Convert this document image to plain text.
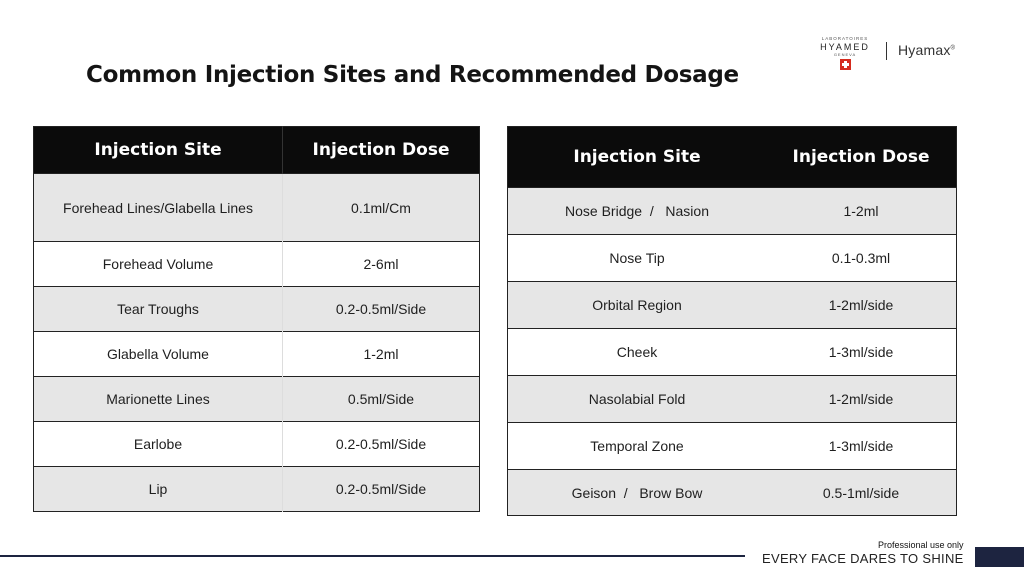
Common Injection Sites and Recommended Dosage
LABORATOIRES
HYAMED
GENEVA	Hyamax®
Injection Site	Injection Dose
Forehead Lines/Glabella Lines	0.1ml/Cm
Forehead Volume	2-6ml
Tear Troughs	0.2-0.5ml/Side
Glabella Volume	1-2ml
Marionette Lines	0.5ml/Side
Earlobe	0.2-0.5ml/Side
Lip	0.2-0.5ml/Side
Injection Site	Injection Dose
Nose Bridge  /   Nasion	1-2ml
Nose Tip	0.1-0.3ml
Orbital Region	1-2ml/side
Cheek	1-3ml/side
Nasolabial Fold	1-2ml/side
Temporal Zone	1-3ml/side
Geison  /   Brow Bow	0.5-1ml/side
Professional use only
EVERY FACE DARES TO SHINE
